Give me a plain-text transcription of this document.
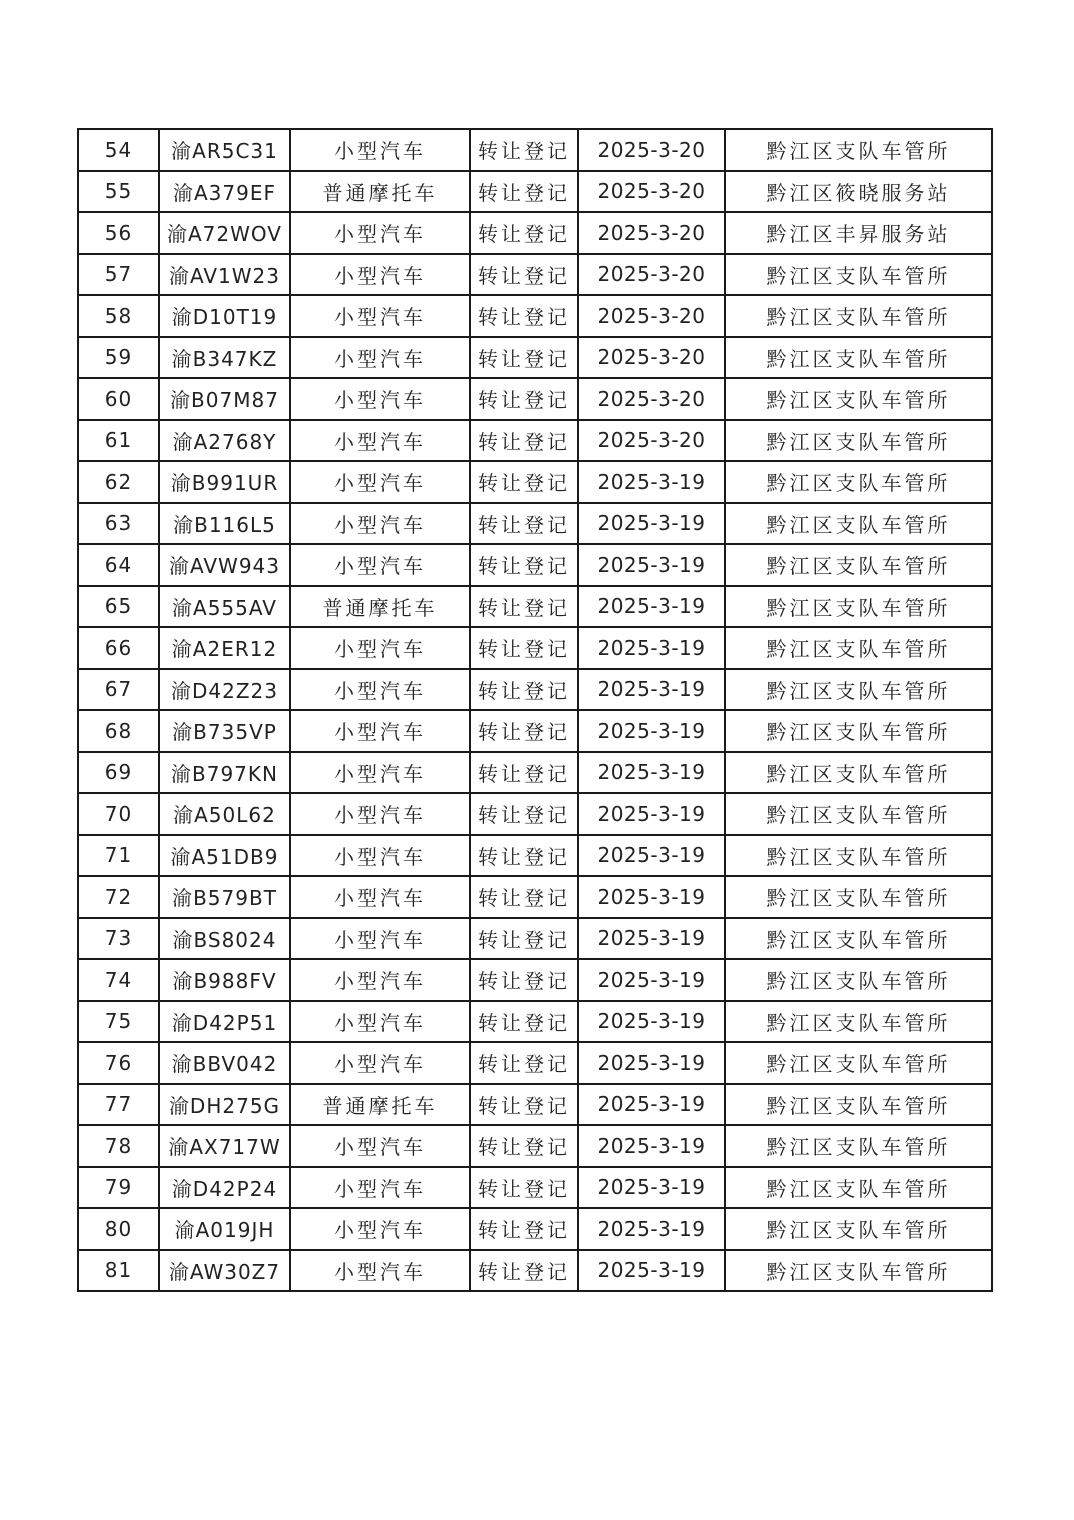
54	渝AR5C31	小型汽车	转让登记	2025-3-20	黔江区支队车管所
55	渝A379EF	普通摩托车	转让登记	2025-3-20	黔江区筱晓服务站
56	渝A72WOV	小型汽车	转让登记	2025-3-20	黔江区丰昇服务站
57	渝AV1W23	小型汽车	转让登记	2025-3-20	黔江区支队车管所
58	渝D10T19	小型汽车	转让登记	2025-3-20	黔江区支队车管所
59	渝B347KZ	小型汽车	转让登记	2025-3-20	黔江区支队车管所
60	渝B07M87	小型汽车	转让登记	2025-3-20	黔江区支队车管所
61	渝A2768Y	小型汽车	转让登记	2025-3-20	黔江区支队车管所
62	渝B991UR	小型汽车	转让登记	2025-3-19	黔江区支队车管所
63	渝B116L5	小型汽车	转让登记	2025-3-19	黔江区支队车管所
64	渝AVW943	小型汽车	转让登记	2025-3-19	黔江区支队车管所
65	渝A555AV	普通摩托车	转让登记	2025-3-19	黔江区支队车管所
66	渝A2ER12	小型汽车	转让登记	2025-3-19	黔江区支队车管所
67	渝D42Z23	小型汽车	转让登记	2025-3-19	黔江区支队车管所
68	渝B735VP	小型汽车	转让登记	2025-3-19	黔江区支队车管所
69	渝B797KN	小型汽车	转让登记	2025-3-19	黔江区支队车管所
70	渝A50L62	小型汽车	转让登记	2025-3-19	黔江区支队车管所
71	渝A51DB9	小型汽车	转让登记	2025-3-19	黔江区支队车管所
72	渝B579BT	小型汽车	转让登记	2025-3-19	黔江区支队车管所
73	渝BS8024	小型汽车	转让登记	2025-3-19	黔江区支队车管所
74	渝B988FV	小型汽车	转让登记	2025-3-19	黔江区支队车管所
75	渝D42P51	小型汽车	转让登记	2025-3-19	黔江区支队车管所
76	渝BBV042	小型汽车	转让登记	2025-3-19	黔江区支队车管所
77	渝DH275G	普通摩托车	转让登记	2025-3-19	黔江区支队车管所
78	渝AX717W	小型汽车	转让登记	2025-3-19	黔江区支队车管所
79	渝D42P24	小型汽车	转让登记	2025-3-19	黔江区支队车管所
80	渝A019JH	小型汽车	转让登记	2025-3-19	黔江区支队车管所
81	渝AW30Z7	小型汽车	转让登记	2025-3-19	黔江区支队车管所
